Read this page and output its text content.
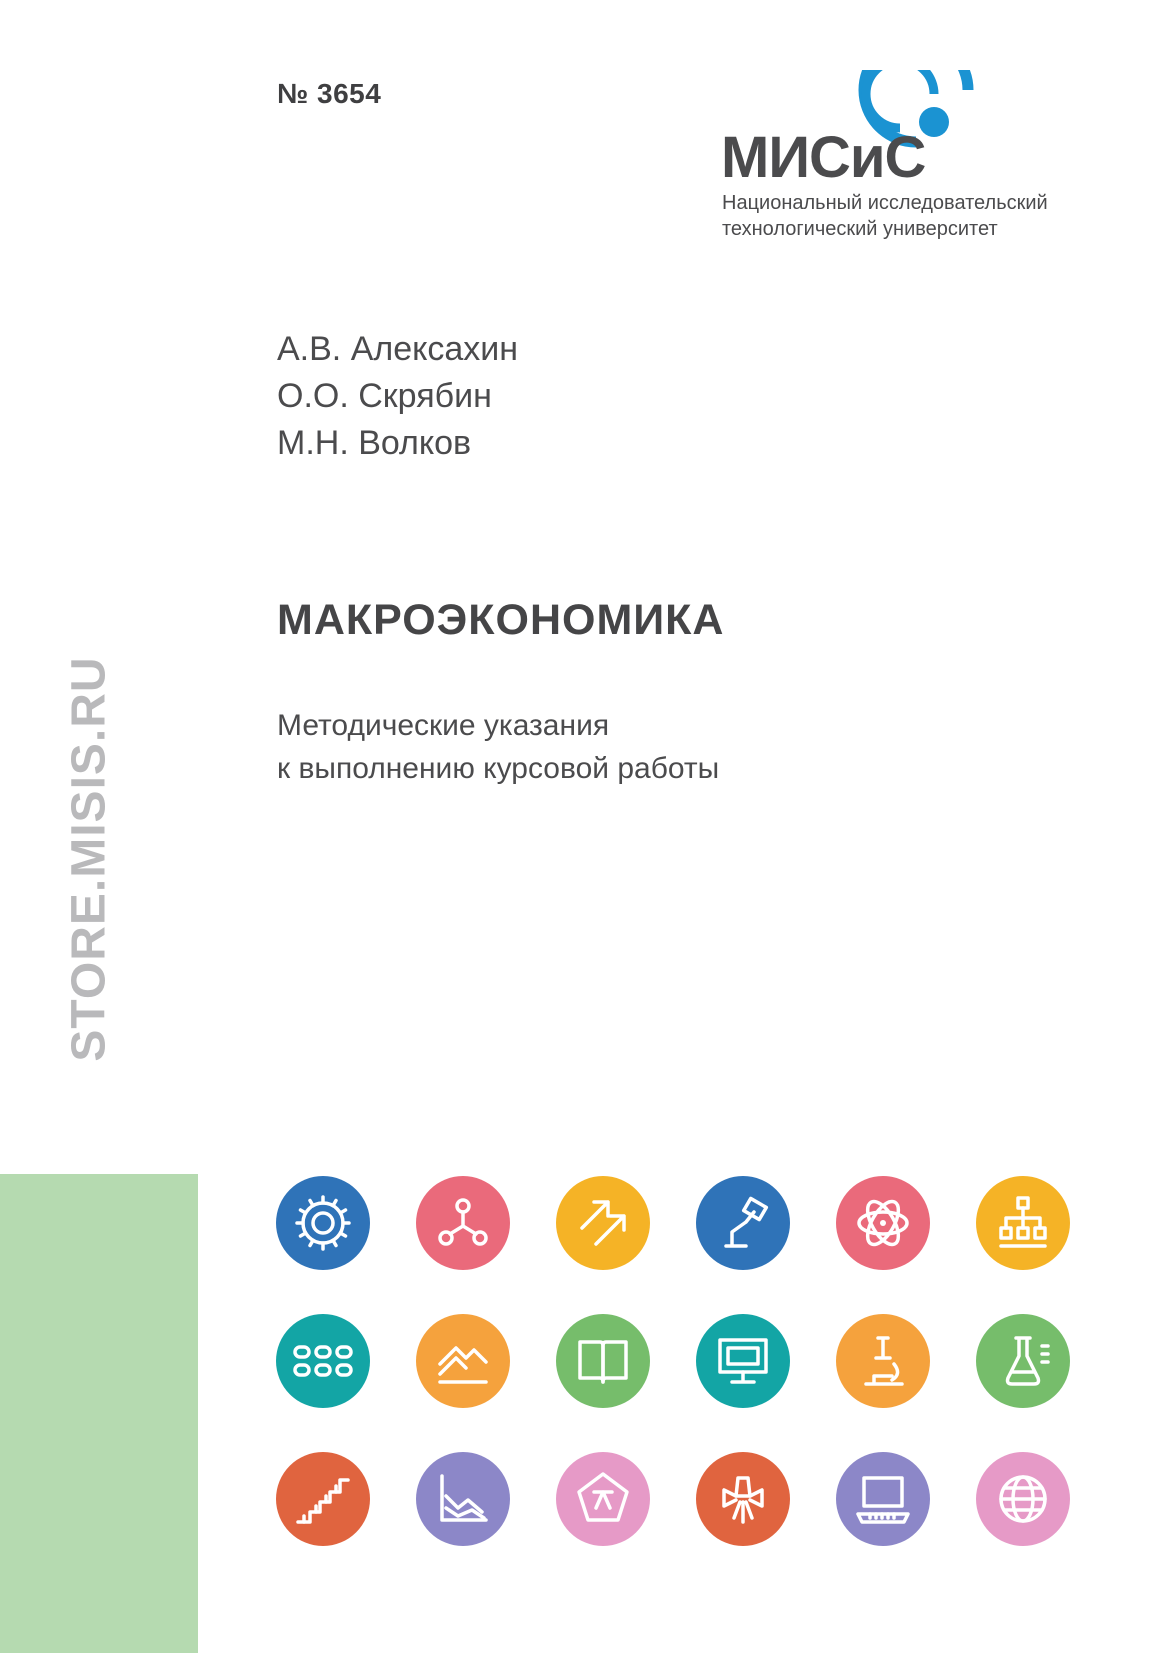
№ 3654
МИСиС
Национальный исследовательский
технологический университет
А.В. Алексахин
О.О. Скрябин
М.Н. Волков
МАКРОЭКОНОМИКА
Методические указания
к выполнению курсовой работы
STORE.MISIS.RU
